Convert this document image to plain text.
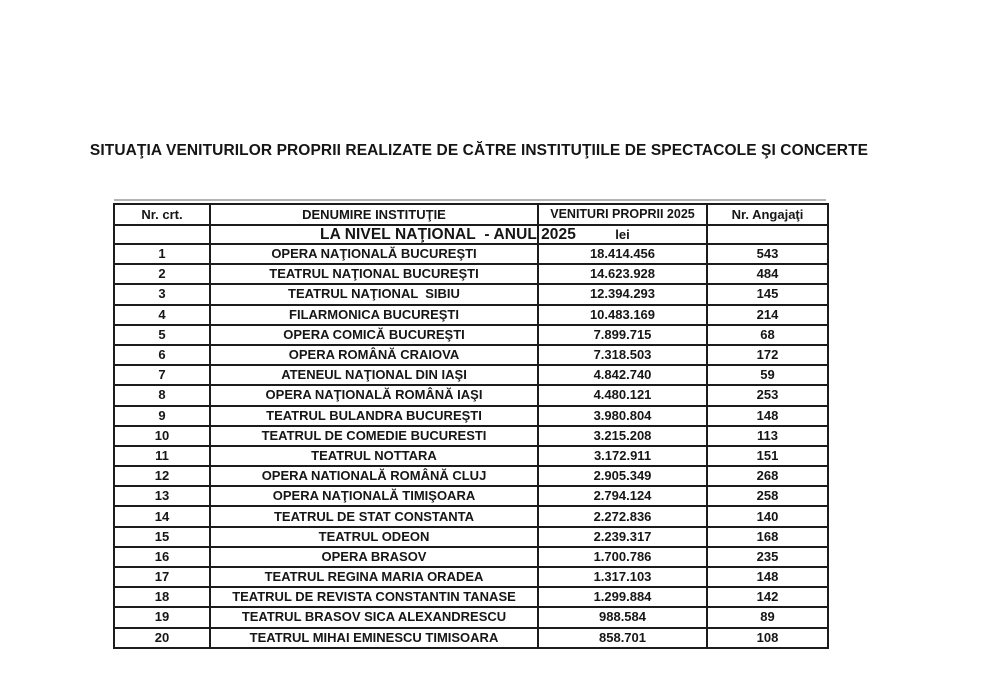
SITUAŢIA VENITURILOR PROPRII REALIZATE DE CĂTRE INSTITUŢIILE DE SPECTACOLE ŞI CONCERTE

LA NIVEL NAŢIONAL  - ANUL 2025

Nr. crt.	DENUMIRE INSTITUŢIE	VENITURI PROPRII 2025	Nr. Angajaţi
		lei	
1	OPERA NAŢIONALĂ BUCUREŞTI	18.414.456	543
2	TEATRUL NAŢIONAL BUCUREŞTI	14.623.928	484
3	TEATRUL NAŢIONAL  SIBIU	12.394.293	145
4	FILARMONICA BUCUREŞTI	10.483.169	214
5	OPERA COMICĂ BUCUREŞTI	7.899.715	68
6	OPERA ROMÂNĂ CRAIOVA	7.318.503	172
7	ATENEUL NAŢIONAL DIN IAŞI	4.842.740	59
8	OPERA NAŢIONALĂ ROMÂNĂ IAŞI	4.480.121	253
9	TEATRUL BULANDRA BUCUREŞTI	3.980.804	148
10	TEATRUL DE COMEDIE BUCURESTI	3.215.208	113
11	TEATRUL NOTTARA	3.172.911	151
12	OPERA NATIONALĂ ROMÂNĂ CLUJ	2.905.349	268
13	OPERA NAŢIONALĂ TIMIŞOARA	2.794.124	258
14	TEATRUL DE STAT CONSTANTA	2.272.836	140
15	TEATRUL ODEON	2.239.317	168
16	OPERA BRASOV	1.700.786	235
17	TEATRUL REGINA MARIA ORADEA	1.317.103	148
18	TEATRUL DE REVISTA CONSTANTIN TANASE	1.299.884	142
19	TEATRUL BRASOV SICA ALEXANDRESCU	988.584	89
20	TEATRUL MIHAI EMINESCU TIMISOARA	858.701	108
